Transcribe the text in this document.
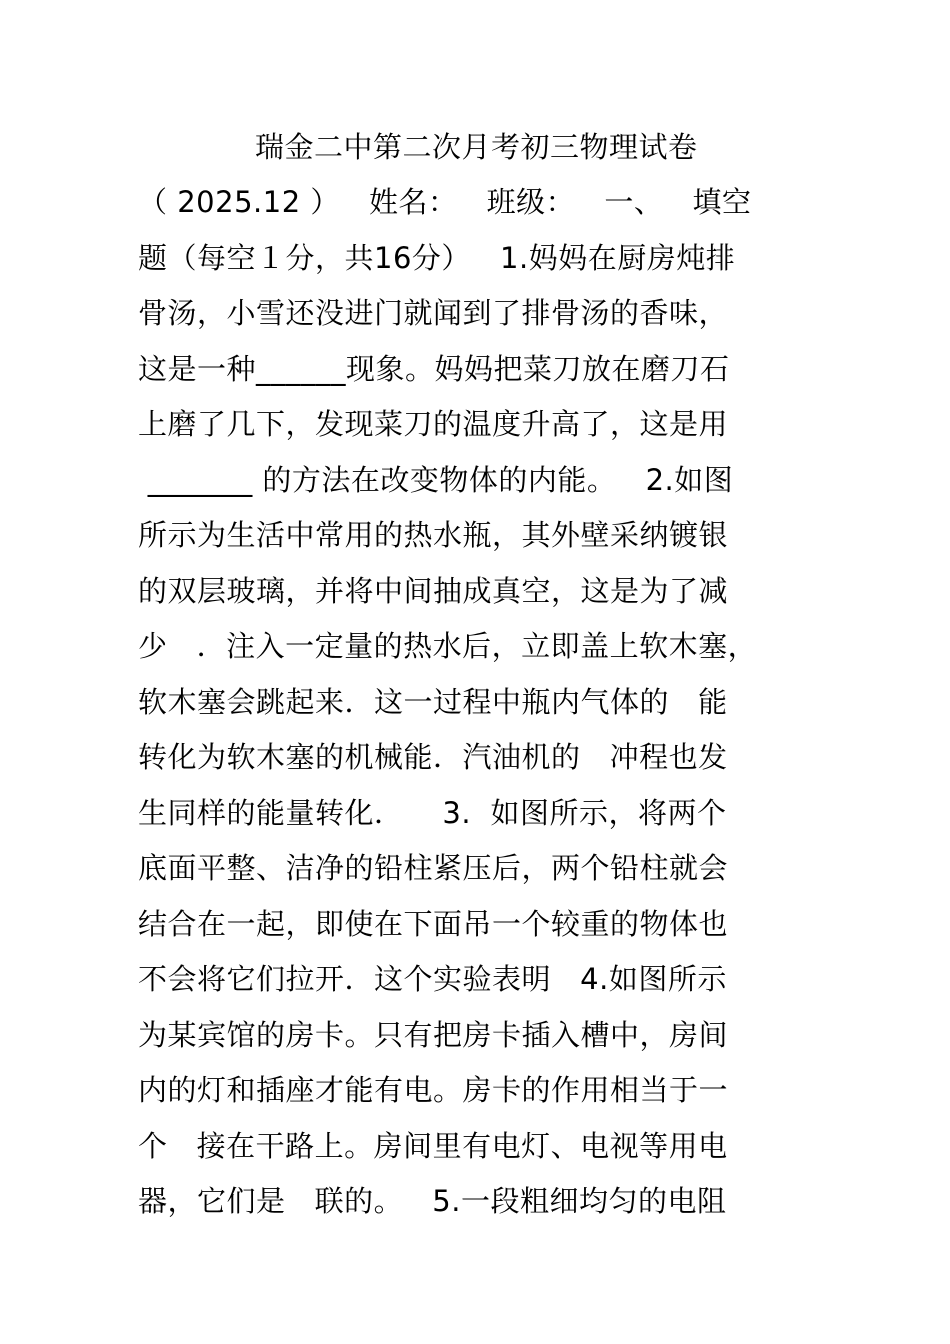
瑞金二中第二次月考初三物理试卷
（ 2025.12 ）   姓名：   班级：   一、   填空
题（每空１分，共16分）   1.妈妈在厨房炖排
骨汤，小雪还没进门就闻到了排骨汤的香味，
这是一种______现象。妈妈把菜刀放在磨刀石
上磨了几下，发现菜刀的温度升高了，这是用
_______ 的方法在改变物体的内能。   2.如图
所示为生活中常用的热水瓶，其外壁采纳镀银
的双层玻璃，并将中间抽成真空，这是为了减
少   ．注入一定量的热水后，立即盖上软木塞，
软木塞会跳起来．这一过程中瓶内气体的   能
转化为软木塞的机械能．汽油机的   冲程也发
生同样的能量转化．    3.  如图所示，将两个
底面平整、洁净的铅柱紧压后，两个铅柱就会
结合在一起，即使在下面吊一个较重的物体也
不会将它们拉开．这个实验表明   4.如图所示
为某宾馆的房卡。只有把房卡插入槽中，房间
内的灯和插座才能有电。房卡的作用相当于一
个   接在干路上。房间里有电灯、电视等用电
器，它们是   联的。   5.一段粗细均匀的电阻
